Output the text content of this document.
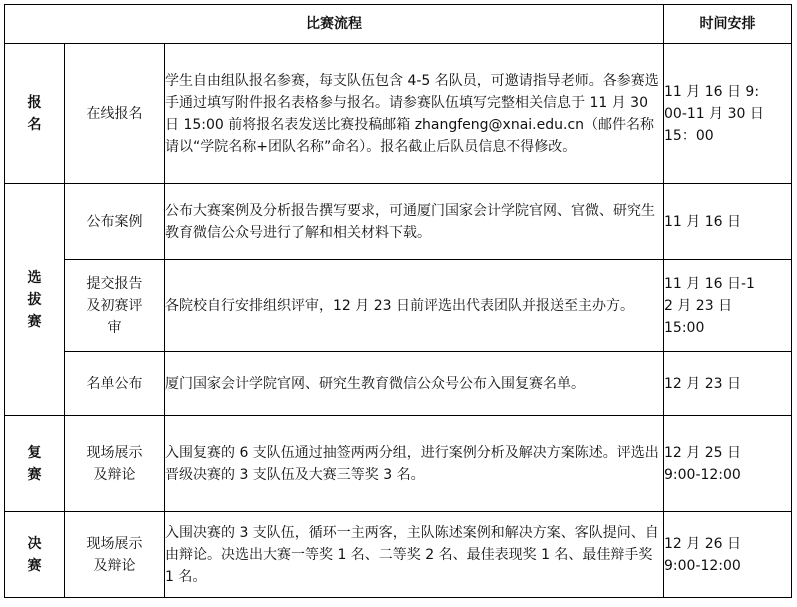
比赛流程			时间安排

报
名	在线报名	学生自由组队报名参赛，每支队伍包含 4-5 名队员，可邀请指导老师。各参赛选手通过填写附件报名表格参与报名。请参赛队伍填写完整相关信息于 11 月 30 日 15:00 前将报名表发送比赛投稿邮箱 zhangfeng@xnai.edu.cn（邮件名称请以“学院名称+团队名称”命名）。报名截止后队员信息不得修改。	11 月 16 日 9:
00-11 月 30 日
15：00

选
拔
赛	公布案例	公布大赛案例及分析报告撰写要求，可通厦门国家会计学院官网、官微、研究生教育微信公众号进行了解和相关材料下载。	11 月 16 日

	提交报告
及初赛评
审	各院校自行安排组织评审，12 月 23 日前评选出代表团队并报送至主办方。	11 月 16 日-1
2 月 23 日
15:00

	名单公布	厦门国家会计学院官网、研究生教育微信公众号公布入围复赛名单。	12 月 23 日

复
赛	现场展示
及辩论	入围复赛的 6 支队伍通过抽签两两分组，进行案例分析及解决方案陈述。评选出晋级决赛的 3 支队伍及大赛三等奖 3 名。	12 月 25 日
9:00-12:00

决
赛	现场展示
及辩论	入围决赛的 3 支队伍，循环一主两客，主队陈述案例和解决方案、客队提问、自由辩论。决选出大赛一等奖 1 名、二等奖 2 名、最佳表现奖 1 名、最佳辩手奖 1 名。	12 月 26 日
9:00-12:00
